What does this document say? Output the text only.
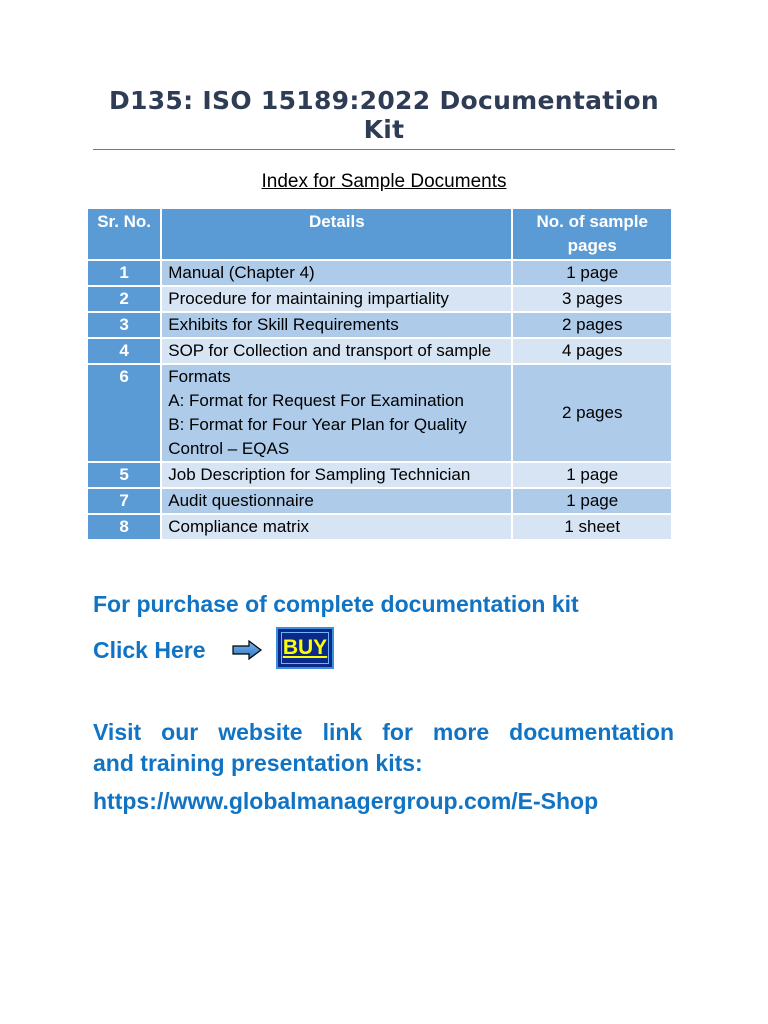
D135: ISO 15189:2022 Documentation Kit
Index for Sample Documents
Sr. No.	Details	No. of sample pages
1	Manual (Chapter 4)	1 page
2	Procedure for maintaining impartiality	3 pages
3	Exhibits for Skill Requirements	2 pages
4	SOP for Collection and transport of sample	4 pages
6	Formats
A: Format for Request For Examination
B: Format for Four Year Plan for Quality Control – EQAS	2 pages
5	Job Description for Sampling Technician	1 page
7	Audit questionnaire	1 page
8	Compliance matrix	1 sheet
For purchase of complete documentation kit
Click Here	BUY
Visit our website link for more documentation
and training presentation kits:
https://www.globalmanagergroup.com/E-Shop
